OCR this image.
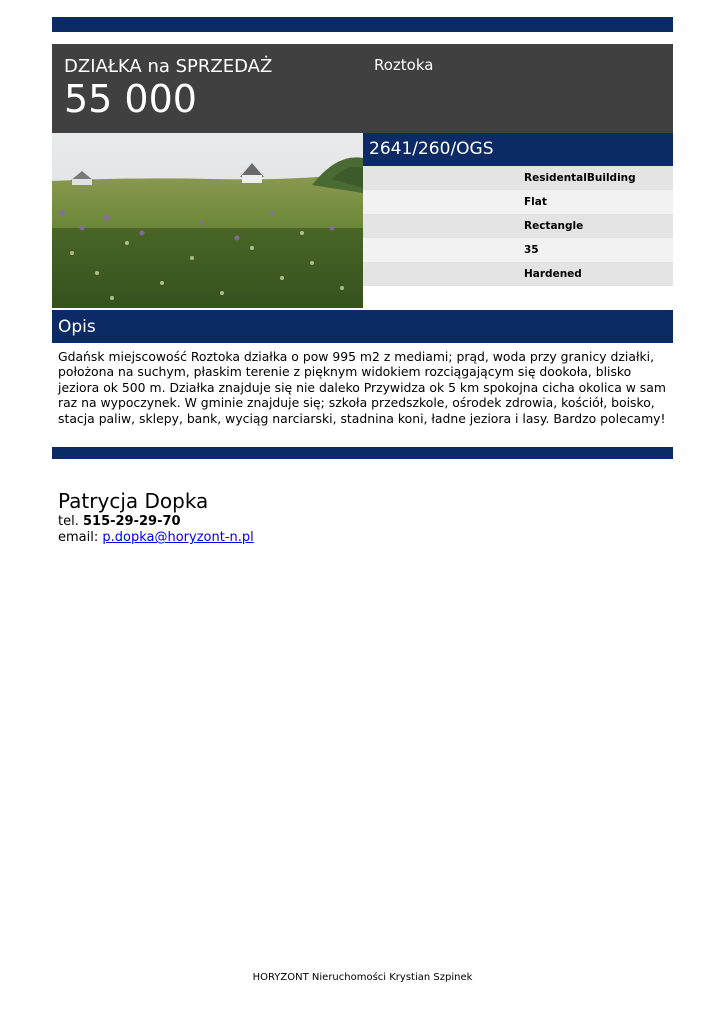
DZIAŁKA na SPRZEDAŻ
55 000
Roztoka
2641/260/OGS
ResidentalBuilding
Flat
Rectangle
35
Hardened
Opis
Gdańsk miejscowość Roztoka działka o pow 995 m2 z mediami; prąd, woda przy granicy działki, położona na suchym, płaskim terenie z pięknym widokiem rozciągającym się dookoła, blisko jeziora ok 500 m. Działka znajduje się nie daleko Przywidza ok 5 km spokojna cicha okolica w sam raz na wypoczynek. W gminie znajduje się; szkoła przedszkole, ośrodek zdrowia, kościół, boisko, stacja paliw, sklepy, bank, wyciąg narciarski, stadnina koni, ładne jeziora i lasy. Bardzo polecamy!
Patrycja Dopka
tel. 515-29-29-70
email: p.dopka@horyzont-n.pl
HORYZONT Nieruchomości Krystian Szpinek
